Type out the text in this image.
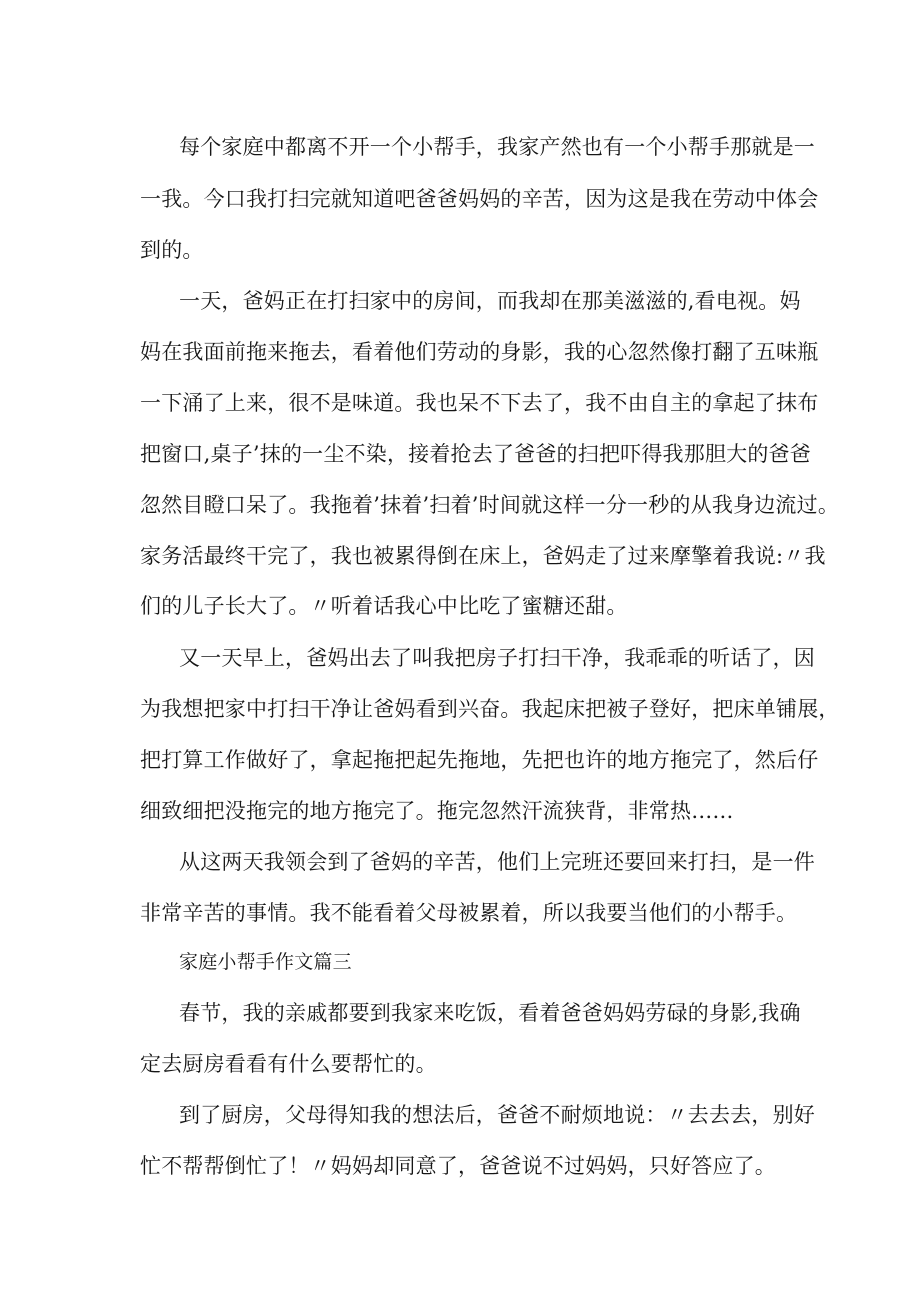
每个家庭中都离不开一个小帮手，我家产然也有一个小帮手那就是一
一我。今口我打扫完就知道吧爸爸妈妈的辛苦，因为这是我在劳动中体会
到的。
一天，爸妈正在打扫家中的房间，而我却在那美滋滋的,看电视。妈
妈在我面前拖来拖去，看着他们劳动的身影，我的心忽然像打翻了五味瓶
一下涌了上来，很不是味道。我也呆不下去了，我不由自主的拿起了抹布
把窗口,桌子’抹的一尘不染，接着抢去了爸爸的扫把吓得我那胆大的爸爸
忽然目瞪口呆了。我拖着’抹着’扫着’时间就这样一分一秒的从我身边流过。
家务活最终干完了，我也被累得倒在床上，爸妈走了过来摩擎着我说:〃我
们的儿子长大了。〃听着话我心中比吃了蜜糖还甜。
又一天早上，爸妈出去了叫我把房子打扫干净，我乖乖的听话了，因
为我想把家中打扫干净让爸妈看到兴奋。我起床把被子登好，把床单铺展，
把打算工作做好了，拿起拖把起先拖地，先把也许的地方拖完了，然后仔
细致细把没拖完的地方拖完了。拖完忽然汗流狭背，非常热……
从这两天我领会到了爸妈的辛苦，他们上完班还要回来打扫，是一件
非常辛苦的事情。我不能看着父母被累着，所以我要当他们的小帮手。
家庭小帮手作文篇三
春节，我的亲戚都要到我家来吃饭，看着爸爸妈妈劳碌的身影,我确
定去厨房看看有什么要帮忙的。
到了厨房，父母得知我的想法后，爸爸不耐烦地说：〃去去去，别好
忙不帮帮倒忙了！〃妈妈却同意了，爸爸说不过妈妈，只好答应了。
